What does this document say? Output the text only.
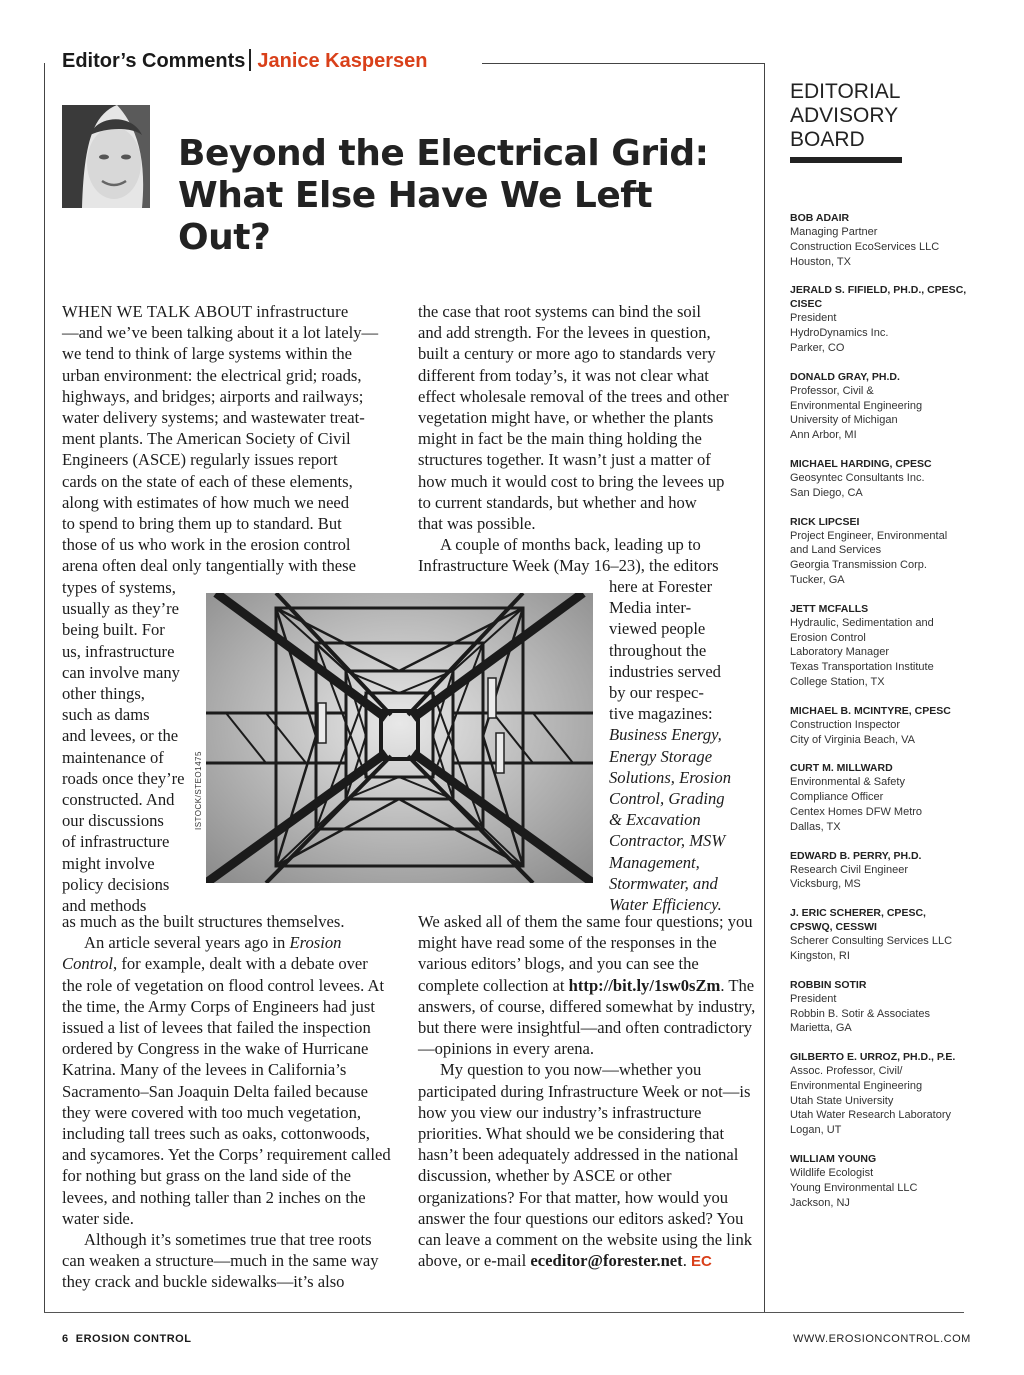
Editor’s Comments Janice Kaspersen
Beyond the Electrical Grid:
What Else Have We Left Out?
WHEN WE TALK ABOUT infrastructure
—and we’ve been talking about it a lot lately—
we tend to think of large systems within the
urban environment: the electrical grid; roads,
highways, and bridges; airports and railways;
water delivery systems; and wastewater treat-
ment plants. The American Society of Civil
Engineers (ASCE) regularly issues report
cards on the state of each of these elements,
along with estimates of how much we need
to spend to bring them up to standard. But
those of us who work in the erosion control
arena often deal only tangentially with these
types of systems,
usually as they’re
being built. For
us, infrastructure
can involve many
other things,
such as dams
and levees, or the
maintenance of
roads once they’re
constructed. And
our discussions
of infrastructure
might involve
policy decisions
and methods

as much as the built structures themselves.

An article several years ago in Erosion Control, for example, dealt with a debate over the role of vegetation on flood control levees. At the time, the Army Corps of Engineers had just issued a list of levees that failed the inspection ordered by Congress in the wake of Hurricane Katrina. Many of the levees in California’s Sacramento–San Joaquin Delta failed because they were covered with too much vegetation, including tall trees such as oaks, cottonwoods, and sycamores. Yet the Corps’ requirement called for nothing but grass on the land side of the levees, and nothing taller than 2 inches on the water side.

Although it’s sometimes true that tree roots can weaken a structure—much in the same way they crack and buckle sidewalks—it’s also

ISTOCK/STEO1475
the case that root systems can bind the soil
and add strength. For the levees in question,
built a century or more ago to standards very
different from today’s, it was not clear what
effect wholesale removal of the trees and other
vegetation might have, or whether the plants
might in fact be the main thing holding the
structures together. It wasn’t just a matter of
how much it would cost to bring the levees up
to current standards, but whether and how
that was possible.
A couple of months back, leading up to
Infrastructure Week (May 16–23), the editors
here at Forester
Media inter-
viewed people
throughout the
industries served
by our respec-
tive magazines:
Business Energy,
Energy Storage
Solutions, Erosion
Control, Grading
& Excavation
Contractor, MSW
Management,
Stormwater, and
Water Efficiency.

We asked all of them the same four questions; you might have read some of the responses in the various editors’ blogs, and you can see the complete collection at http://bit.ly/1sw0sZm. The answers, of course, differed somewhat by industry, but there were insightful—and often contradictory—opinions in every arena.

My question to you now—whether you participated during Infrastructure Week or not—is how you view our industry’s infrastructure priorities. What should we be considering that hasn’t been adequately addressed in the national discussion, whether by ASCE or other organizations? For that matter, how would you answer the four questions our editors asked? You can leave a comment on the website using the link above, or e-mail eceditor@forester.net. EC

EDITORIAL
ADVISORY
BOARD
BOB ADAIR
Managing Partner
Construction EcoServices LLC
Houston, TX
JERALD S. FIFIELD, PH.D., CPESC, CISEC
President
HydroDynamics Inc.
Parker, CO
DONALD GRAY, PH.D.
Professor, Civil &
Environmental Engineering
University of Michigan
Ann Arbor, MI
MICHAEL HARDING, CPESC
Geosyntec Consultants Inc.
San Diego, CA
RICK LIPCSEI
Project Engineer, Environmental
and Land Services
Georgia Transmission Corp.
Tucker, GA
JETT MCFALLS
Hydraulic, Sedimentation and
Erosion Control
Laboratory Manager
Texas Transportation Institute
College Station, TX
MICHAEL B. MCINTYRE, CPESC
Construction Inspector
City of Virginia Beach, VA
CURT M. MILLWARD
Environmental & Safety
Compliance Officer
Centex Homes DFW Metro
Dallas, TX
EDWARD B. PERRY, PH.D.
Research Civil Engineer
Vicksburg, MS
J. ERIC SCHERER, CPESC, CPSWQ, CESSWI
Scherer Consulting Services LLC
Kingston, RI
ROBBIN SOTIR
President
Robbin B. Sotir & Associates
Marietta, GA
GILBERTO E. URROZ, PH.D., P.E.
Assoc. Professor, Civil/
Environmental Engineering
Utah State University
Utah Water Research Laboratory
Logan, UT
WILLIAM YOUNG
Wildlife Ecologist
Young Environmental LLC
Jackson, NJ
6 EROSION CONTROL	WWW.EROSIONCONTROL.COM
